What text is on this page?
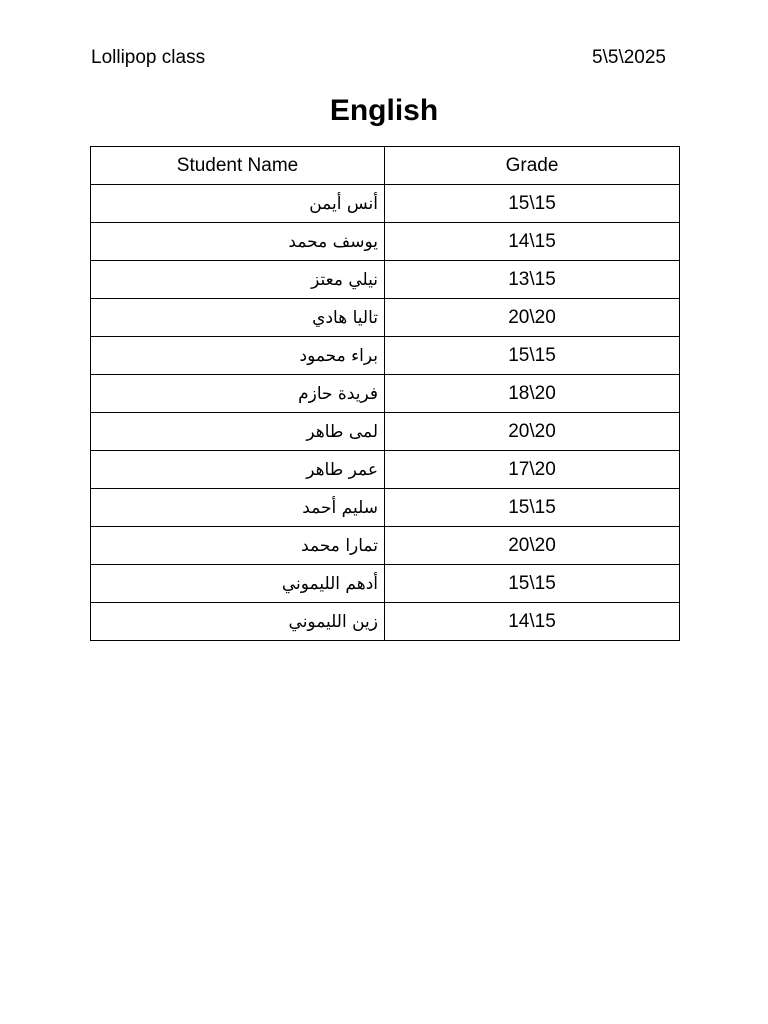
Lollipop class	5\5\2025
English
Student Name	Grade
أنس أيمن	15\15
يوسف محمد	14\15
نيلي معتز	13\15
تاليا هادي	20\20
براء محمود	15\15
فريدة حازم	18\20
لمى طاهر	20\20
عمر طاهر	17\20
سليم أحمد	15\15
تمارا محمد	20\20
أدهم الليموني	15\15
زين الليموني	14\15
